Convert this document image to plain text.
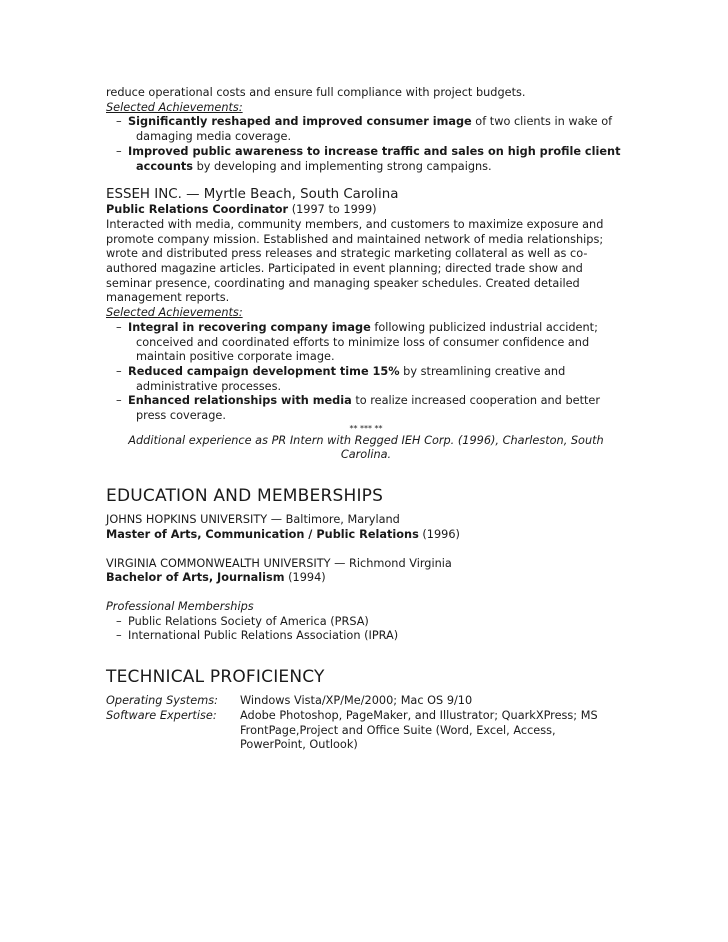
reduce operational costs and ensure full compliance with project budgets.
Selected Achievements:
– Significantly reshaped and improved consumer image of two clients in wake of
damaging media coverage.
– Improved public awareness to increase traffic and sales on high profile client
accounts by developing and implementing strong campaigns.
ESSEH INC. — Myrtle Beach, South Carolina
Public Relations Coordinator (1997 to 1999)
Interacted with media, community members, and customers to maximize exposure and
promote company mission. Established and maintained network of media relationships;
wrote and distributed press releases and strategic marketing collateral as well as co-
authored magazine articles. Participated in event planning; directed trade show and
seminar presence, coordinating and managing speaker schedules. Created detailed
management reports.
Selected Achievements:
– Integral in recovering company image following publicized industrial accident;
conceived and coordinated efforts to minimize loss of consumer confidence and
maintain positive corporate image.
– Reduced campaign development time 15% by streamlining creative and
administrative processes.
– Enhanced relationships with media to realize increased cooperation and better
press coverage.
** *** **
Additional experience as PR Intern with Regged IEH Corp. (1996), Charleston, South
Carolina.
EDUCATION AND MEMBERSHIPS
JOHNS HOPKINS UNIVERSITY — Baltimore, Maryland
Master of Arts, Communication / Public Relations (1996)
VIRGINIA COMMONWEALTH UNIVERSITY — Richmond Virginia
Bachelor of Arts, Journalism (1994)
Professional Memberships
– Public Relations Society of America (PRSA)
– International Public Relations Association (IPRA)
TECHNICAL PROFICIENCY
Operating Systems:	Windows Vista/XP/Me/2000; Mac OS 9/10
Software Expertise:	Adobe Photoshop, PageMaker, and Illustrator; QuarkXPress; MS
FrontPage,Project and Office Suite (Word, Excel, Access,
PowerPoint, Outlook)
